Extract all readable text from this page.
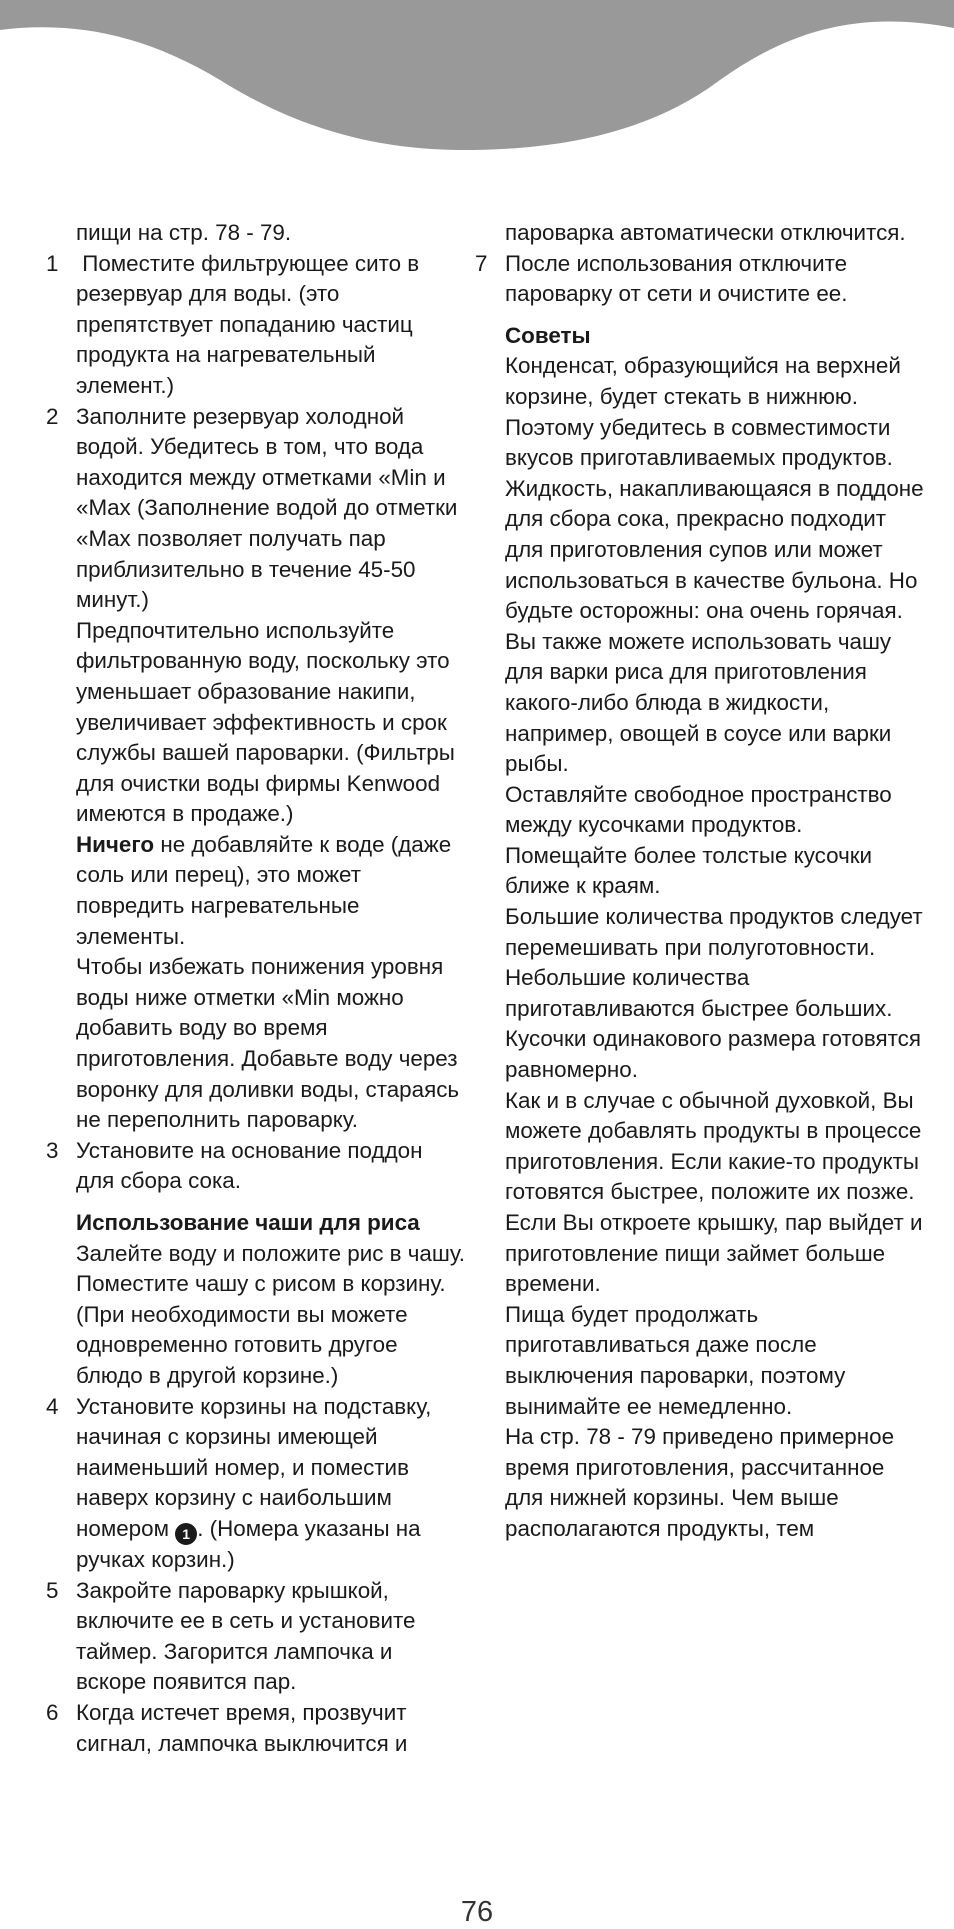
пищи на стр. 78 - 79.
1 Поместите фильтрующее сито в резервуар для воды. (это препятствует попаданию частиц продукта на нагревательный элемент.)
2 Заполните резервуар холодной водой. Убедитесь в том, что вода находится между отметками «Min и «Max (Заполнение водой до отметки «Max позволяет получать пар приблизительно в течение 45-50 минут.)
Предпочтительно используйте фильтрованную воду, поскольку это уменьшает образование накипи, увеличивает эффективность и срок службы вашей пароварки. (Фильтры для очистки воды фирмы Kenwood имеются в продаже.)
Ничего не добавляйте к воде (даже соль или перец), это может повредить нагревательные элементы.
Чтобы избежать понижения уровня воды ниже отметки «Min можно добавить воду во время приготовления. Добавьте воду через воронку для доливки воды, стараясь не переполнить пароварку.
3 Установите на основание поддон для сбора сока.
Использование чаши для риса
Залейте воду и положите рис в чашу. Поместите чашу с рисом в корзину. (При необходимости вы можете одновременно готовить другое блюдо в другой корзине.)
4 Установите корзины на подставку, начиная с корзины имеющей наименьший номер, и поместив наверх корзину с наибольшим номером 1 . (Номера указаны на ручках корзин.)
5 Закройте пароварку крышкой, включите ее в сеть и установите таймер. Загорится лампочка и вскоре появится пар.
6 Когда истечет время, прозвучит сигнал, лампочка выключится и
пароварка автоматически отключится.
7 После использования отключите пароварку от сети и очистите ее.
Советы
Конденсат, образующийся на верхней корзине, будет стекать в нижнюю. Поэтому убедитесь в совместимости вкусов приготавливаемых продуктов.
Жидкость, накапливающаяся в поддоне для сбора сока, прекрасно подходит для приготовления супов или может использоваться в качестве бульона. Но будьте осторожны: она очень горячая.
Вы также можете использовать чашу для варки риса для приготовления какого-либо блюда в жидкости, например, овощей в соусе или варки рыбы.
Оставляйте свободное пространство между кусочками продуктов. Помещайте более толстые кусочки ближе к краям.
Большие количества продуктов следует перемешивать при полуготовности.
Небольшие количества приготавливаются быстрее больших.
Кусочки одинакового размера готовятся равномерно.
Как и в случае с обычной духовкой, Вы можете добавлять продукты в процессе приготовления. Если какие-то продукты готовятся быстрее, положите их позже.
Если Вы откроете крышку, пар выйдет и приготовление пищи займет больше времени.
Пища будет продолжать приготавливаться даже после выключения пароварки, поэтому вынимайте ее немедленно.
На стр. 78 - 79 приведено примерное время приготовления, рассчитанное для нижней корзины. Чем выше располагаются продукты, тем
76
